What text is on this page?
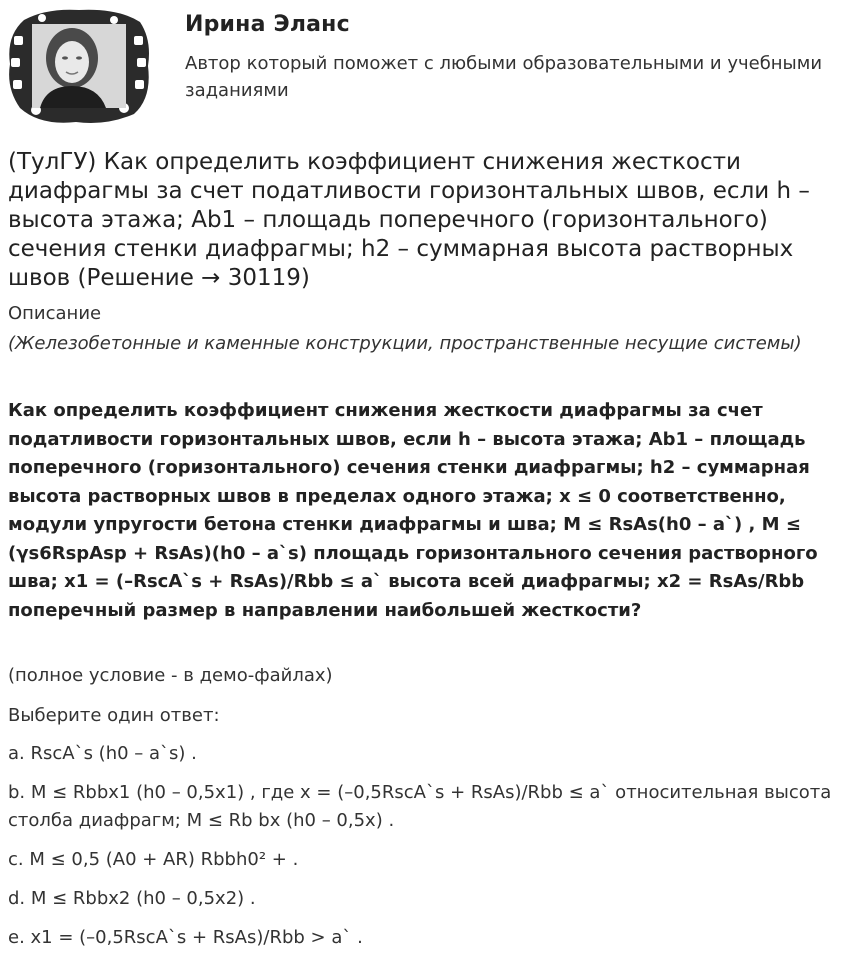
Ирина Эланс
Автор который поможет с любыми образовательными и учебными заданиями
(ТулГУ) Как определить коэффициент снижения жесткости диафрагмы за счет податливости горизонтальных швов, если h – высота этажа; Ab1 – площадь поперечного (горизонтального) сечения стенки диафрагмы; h2 – суммарная высота растворных швов (Решение → 30119)
Описание
(Железобетонные и каменные конструкции, пространственные несущие системы)
Как определить коэффициент снижения жесткости диафрагмы за счет податливости горизонтальных швов, если h – высота этажа; Ab1 – площадь поперечного (горизонтального) сечения стенки диафрагмы; h2 – суммарная высота растворных швов в пределах одного этажа; x ≤ 0 соответственно, модули упругости бетона стенки диафрагмы и шва; M ≤ RsAs(h0 – a`) , M ≤ (γs6RspAsp + RsAs)(h0 – a`s) площадь горизонтального сечения растворного шва; x1 = (–RscA`s + RsAs)/Rbb ≤ a` высота всей диафрагмы; x2 = RsAs/Rbb поперечный размер в направлении наибольшей жесткости?
(полное условие - в демо-файлах)
Выберите один ответ:
a. RscA`s (h0 – a`s) .
b. M ≤ Rbbx1 (h0 – 0,5x1) , где x = (–0,5RscA`s + RsAs)/Rbb ≤ a` относительная высота столба диафрагм; M ≤ Rb bx (h0 – 0,5x) .
c. M ≤ 0,5 (A0 + AR) Rbbh0² + .
d. M ≤ Rbbx2 (h0 – 0,5x2) .
e. x1 = (–0,5RscA`s + RsAs)/Rbb > a` .
